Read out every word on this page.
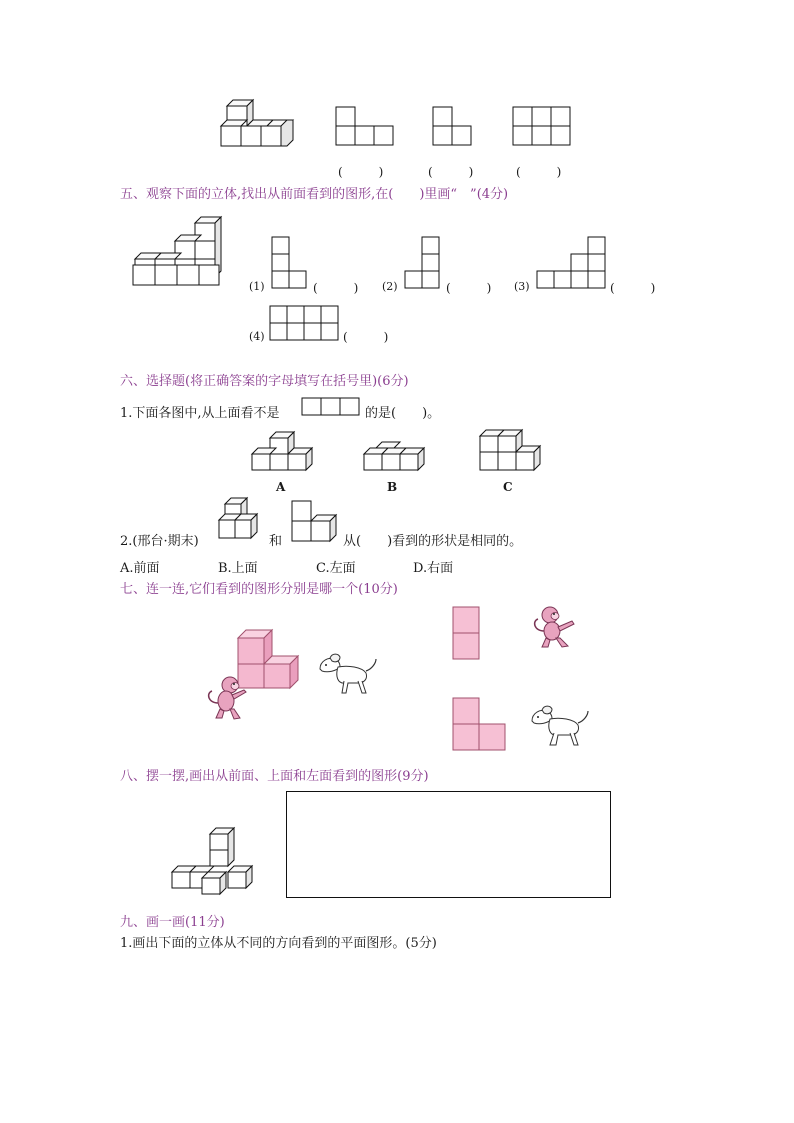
(　　　)	(　　　)	(　　　)
五、观察下面的立体,找出从前面看到的图形,在(　　)里画“　”(4分)
(1)	(　　　) (2)	(　　　) (3)	(　　　)
(4)	(　　　)
六、选择题(将正确答案的字母填写在括号里)(6分)
1.下面各图中,从上面看不是	的是(　　)。
A	B	C
2.(邢台·期末)	和	从(　　)看到的形状是相同的。
A.前面	B.上面	C.左面	D.右面
七、连一连,它们看到的图形分别是哪一个(10分)
八、摆一摆,画出从前面、上面和左面看到的图形(9分)
九、画一画(11分)
1.画出下面的立体从不同的方向看到的平面图形。(5分)
